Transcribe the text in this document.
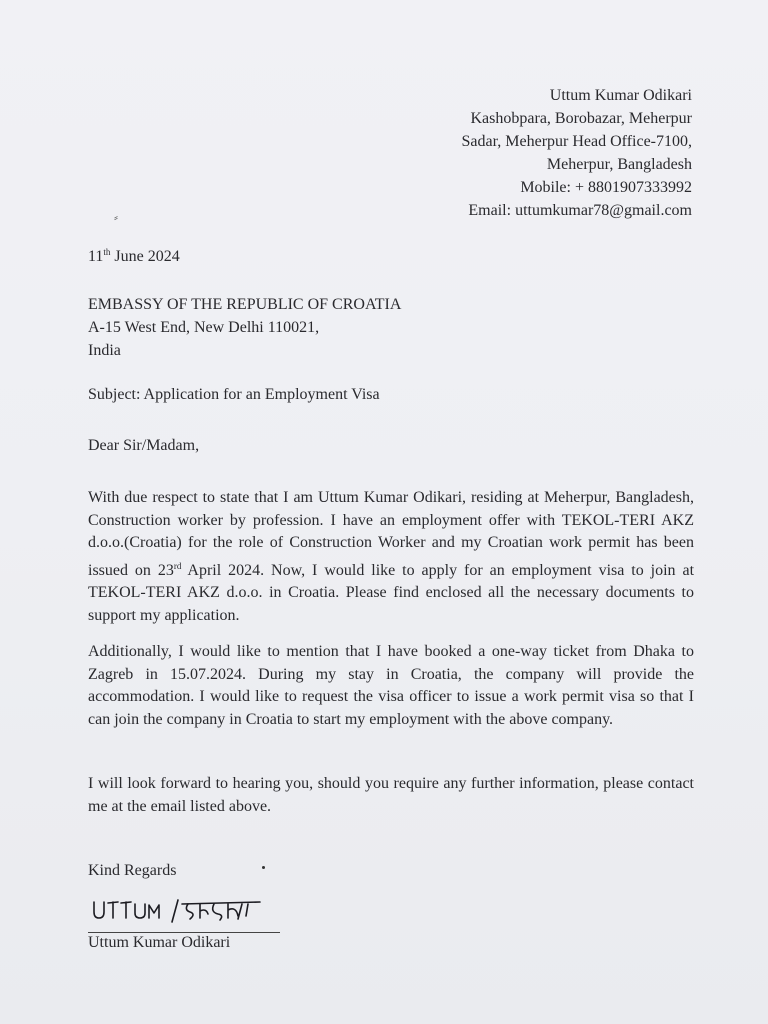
Uttum Kumar Odikari
Kashobpara, Borobazar, Meherpur
Sadar, Meherpur Head Office-7100,
Meherpur, Bangladesh
Mobile: + 8801907333992
Email: uttumkumar78@gmail.com
⸗
11th June 2024
EMBASSY OF THE REPUBLIC OF CROATIA
A-15 West End, New Delhi 110021,
India
Subject: Application for an Employment Visa
Dear Sir/Madam,
With due respect to state that I am Uttum Kumar Odikari, residing at Meherpur, Bangladesh, Construction worker by profession. I have an employment offer with TEKOL-TERI AKZ d.o.o.(Croatia) for the role of Construction Worker and my Croatian work permit has been issued on 23rd April 2024. Now, I would like to apply for an employment visa to join at TEKOL-TERI AKZ d.o.o. in Croatia. Please find enclosed all the necessary documents to support my application.
Additionally, I would like to mention that I have booked a one-way ticket from Dhaka to Zagreb in 15.07.2024. During my stay in Croatia, the company will provide the accommodation. I would like to request the visa officer to issue a work permit visa so that I can join the company in Croatia to start my employment with the above company.
I will look forward to hearing you, should you require any further information, please contact me at the email listed above.
Kind Regards
Uttum Kumar Odikari
